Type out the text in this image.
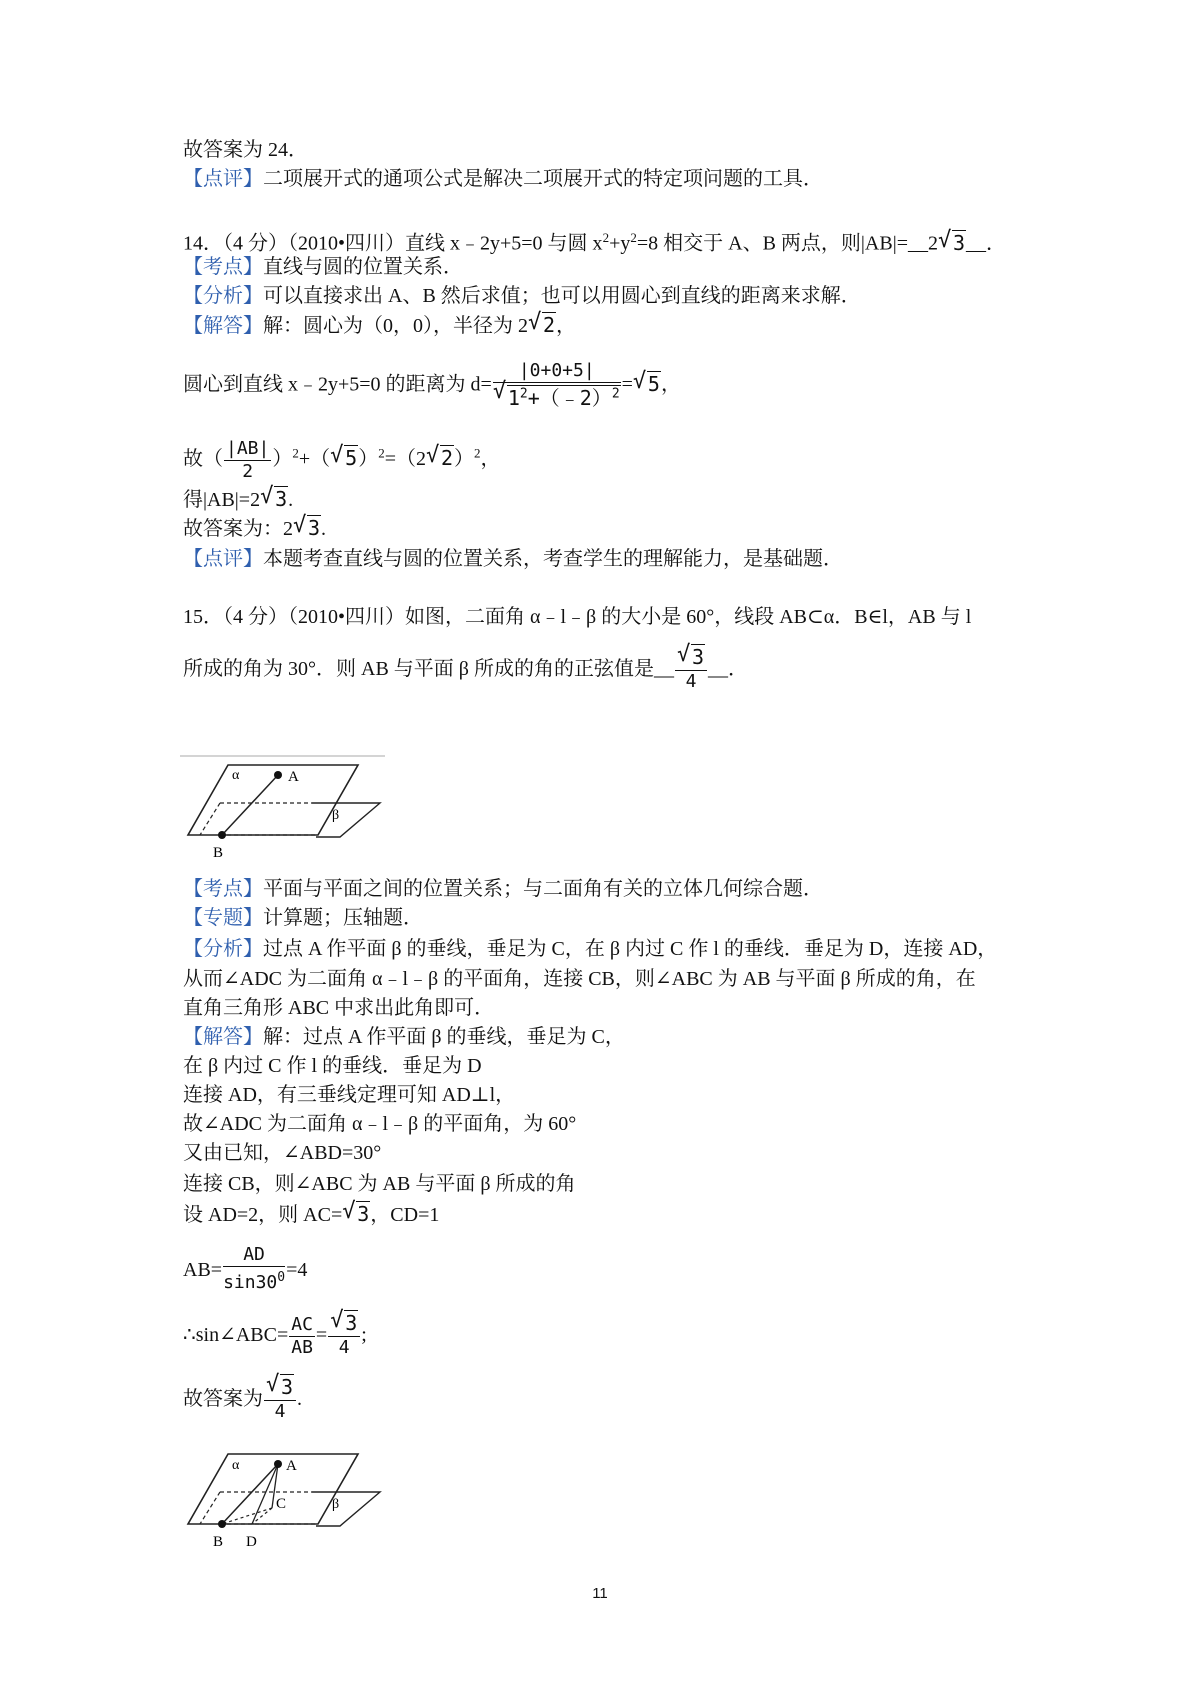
故答案为 24．
【点评】二项展开式的通项公式是解决二项展开式的特定项问题的工具．
14．（4 分）（2010•四川）直线 x﹣2y+5=0 与圆 $x^2+y^2=8$ 相交于 A、B 两点，则|AB|=__2√ 3__．
【考点】直线与圆的位置关系．
【分析】可以直接求出 A、B 然后求值；也可以用圆心到直线的距离来求解．
【解答】解：圆心为（0，0），半径为 2√ 2，
圆心到直线 x﹣2y+5=0 的距离为 d= |0+0+5|
√ $1^2+(﹣2)^2$ =√ 5，
故（ $\frac{|AB|}{2} )^2+(√$ 5）$^2$=（2√ 2）$^2$，
得|AB|=2√ 3.
故答案为：2√ 3.
【点评】本题考查直线与圆的位置关系，考查学生的理解能力，是基础题．
15．（4 分）（2010•四川）如图，二面角 α﹣l﹣β 的大小是 60°，线段 AB⊂α．B∈l，AB 与 l
所成的角为 30°．则 AB 与平面 β 所成的角的正弦值是__
√ $\frac{3}{4}$ __．
α	A
β
B
【考点】平面与平面之间的位置关系；与二面角有关的立体几何综合题．
【专题】计算题；压轴题．
【分析】过点 A 作平面 β 的垂线，垂足为 C，在 β 内过 C 作 l 的垂线．垂足为 D，连接 AD，
从而∠ADC 为二面角 α﹣l﹣β 的平面角，连接 CB，则∠ABC 为 AB 与平面 β 所成的角，在
直角三角形 ABC 中求出此角即可．
【解答】解：过点 A 作平面 β 的垂线，垂足为 C，
在 β 内过 C 作 l 的垂线．垂足为 D
连接 AD，有三垂线定理可知 AD⊥l，
故∠ADC 为二面角 α﹣l﹣β 的平面角，为 60°
又由已知，∠ABD=30°
连接 CB，则∠ABC 为 AB 与平面 β 所成的角
设 AD=2，则 AC=√ 3，CD=1
$AB= \frac{AD}{\sin 30^0} =4$
∴sin∠ABC= $\frac{AC}{AB}$ =
√ $\frac{3}{4}$ ;
故答案为
√ $\frac{3}{4}$ .
α	A
C	β
B D
11
